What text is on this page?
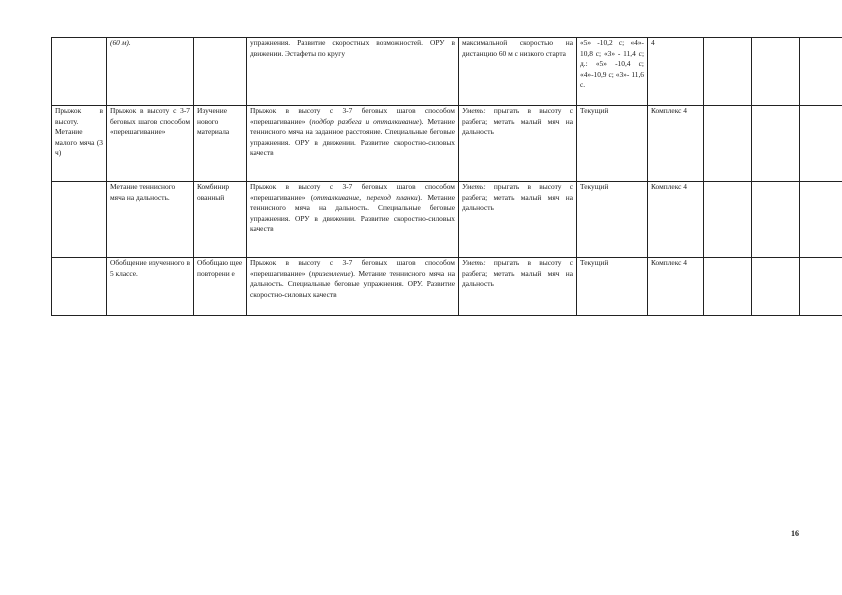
	(60 м).		упражнения. Развитие скоростных возможностей. ОРУ в движении. Эстафеты по кругу	максимальной скоростью на дистанцию 60 м с низкого старта	«5» -10,2 с; «4»- 10,8 с; «3» - 11,4 с; д.: «5» -10,4 с; «4»-10,9 с; «3»- 11,6 с.	4			
Прыжок в высоту. Метание малого мяча (3 ч)	Прыжок в высоту с 3-7 беговых шагов способом «перешагивание»	Изучение нового материала	Прыжок в высоту с 3-7 беговых шагов способом «перешагивание» (подбор разбега и отталкивание). Метание теннисного мяча на заданное расстояние. Специальные беговые упражнения. ОРУ в движении. Развитие скоростно-силовых качеств	Уметь: прыгать в высоту с разбега; метать малый мяч на дальность	Текущий	Комплекс 4			
	Метание теннисного мяча на дальность.	Комбинир ованный	Прыжок в высоту с 3-7 беговых шагов способом «перешагивание» (отталкивание, переход планки). Метание теннисного мяча на дальность. Специальные беговые упражнения. ОРУ в движении. Развитие скоростно-силовых качеств	Уметь: прыгать в высоту с разбега; метать малый мяч на дальность	Текущий	Комплекс 4			
	Обобщение изученного в 5 классе.	Обобщаю щее повторени е	Прыжок в высоту с 3-7 беговых шагов способом «перешагивание» (приземление). Метание теннисного мяча на дальность. Специальные беговые упражнения. ОРУ. Развитие скоростно-силовых качеств	Уметь: прыгать в высоту с разбега; метать малый мяч на дальность	Текущий	Комплекс 4			
16
